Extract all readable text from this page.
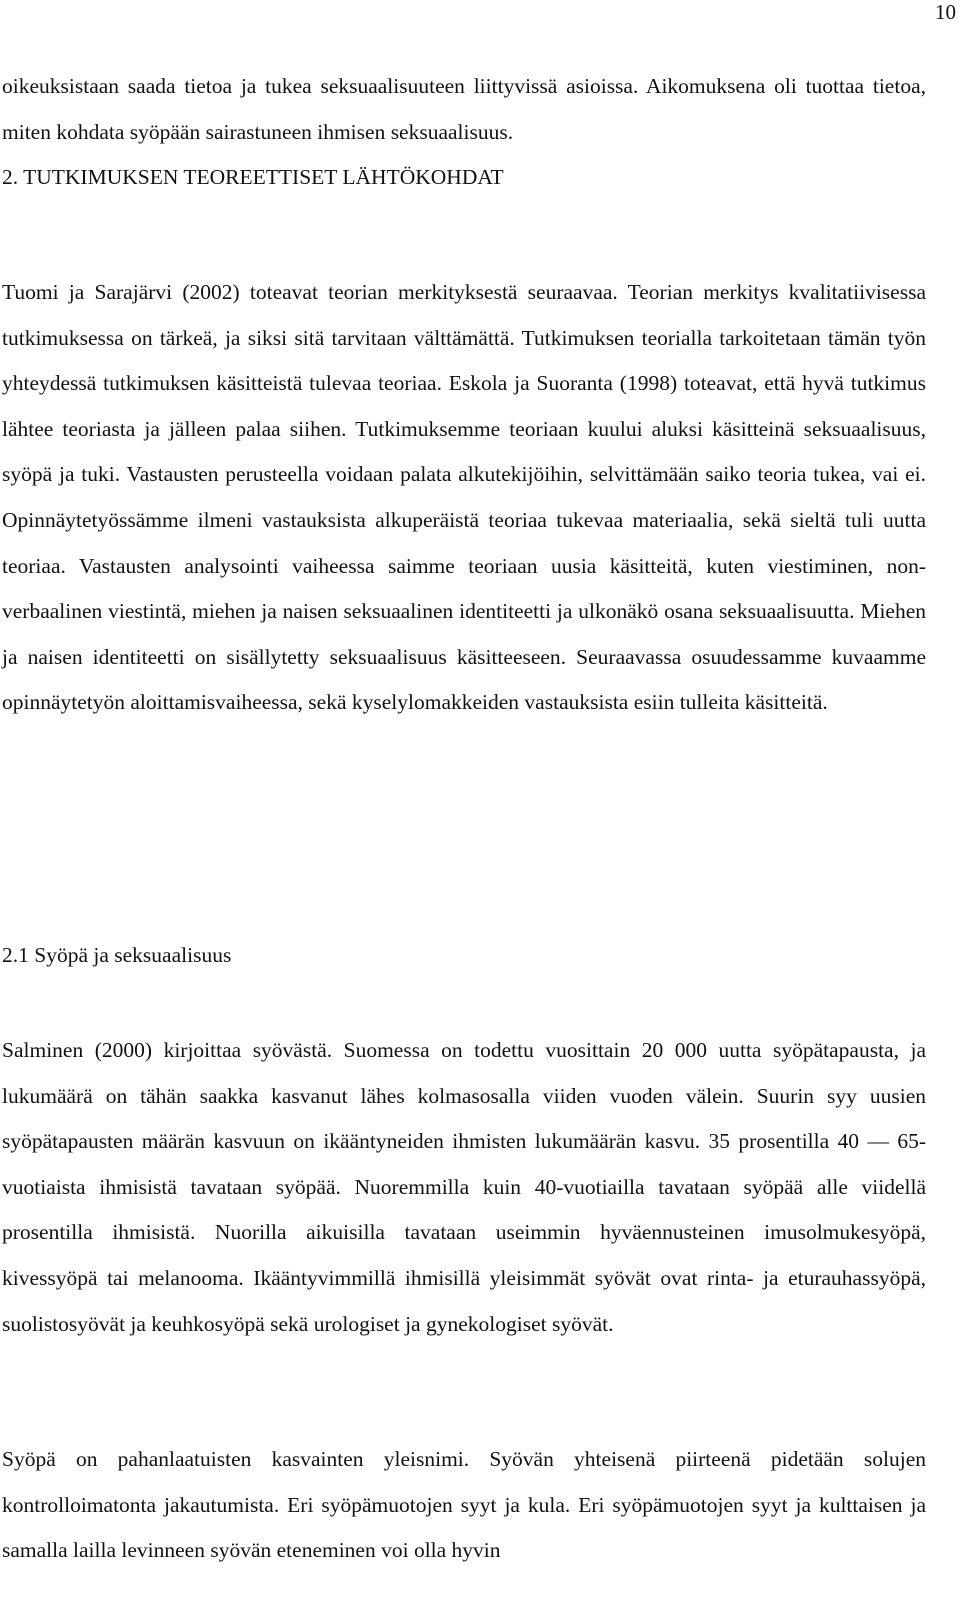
10

oikeuksistaan saada tietoa ja tukea seksuaalisuuteen liittyvissä asioissa. Aikomuksena oli tuottaa tietoa, miten kohdata syöpään sairastuneen ihmisen seksuaalisuus.

2. TUTKIMUKSEN TEOREETTISET LÄHTÖKOHDAT

Tuomi ja Sarajärvi (2002) toteavat teorian merkityksestä seuraavaa. Teorian merkitys kvalitatiivisessa tutkimuksessa on tärkeä, ja siksi sitä tarvitaan välttämättä. Tutkimuksen teorialla tarkoitetaan tämän työn yhteydessä tutkimuksen käsitteistä tulevaa teoriaa. Eskola ja Suoranta (1998) toteavat, että hyvä tutkimus lähtee teoriasta ja jälleen palaa siihen. Tutkimuksemme teoriaan kuului aluksi käsitteinä seksuaalisuus, syöpä ja tuki. Vastausten perusteella voidaan palata alkutekijöihin, selvittämään saiko teoria tukea, vai ei. Opinnäytetyössämme ilmeni vastauksista alkuperäistä teoriaa tukevaa materiaalia, sekä sieltä tuli uutta teoriaa. Vastausten analysointi vaiheessa saimme teoriaan uusia käsitteitä, kuten viestiminen, non-verbaalinen viestintä, miehen ja naisen seksuaalinen identiteetti ja ulkonäkö osana seksuaalisuutta. Miehen ja naisen identiteetti on sisällytetty seksuaalisuus käsitteeseen. Seuraavassa osuudessamme kuvaamme opinnäytetyön aloittamisvaiheessa, sekä kyselylomakkeiden vastauksista esiin tulleita käsitteitä.

2.1 Syöpä ja seksuaalisuus

Salminen (2000) kirjoittaa syövästä. Suomessa on todettu vuosittain 20 000 uutta syöpätapausta, ja lukumäärä on tähän saakka kasvanut lähes kolmasosalla viiden vuoden välein. Suurin syy uusien syöpätapausten määrän kasvuun on ikääntyneiden ihmisten lukumäärän kasvu. 35 prosentilla 40 — 65-vuotiaista ihmisistä tavataan syöpää. Nuoremmilla kuin 40-vuotiailla tavataan syöpää alle viidellä prosentilla ihmisistä. Nuorilla aikuisilla tavataan useimmin hyväennusteinen imusolmukesyöpä, kivessyöpä tai melanooma. Ikääntyvimmillä ihmisillä yleisimmät syövät ovat rinta- ja eturauhassyöpä, suolistosyövät ja keuhkosyöpä sekä urologiset ja gynekologiset syövät.

Syöpä on pahanlaatuisten kasvainten yleisnimi. Syövän yhteisenä piirteenä pidetään solujen kontrolloimatonta jakautumista. Eri syöpämuotojen syyt ja kula. Eri syöpämuotojen syyt ja kulttaisen ja samalla lailla levinneen syövän eteneminen voi olla hyvin
